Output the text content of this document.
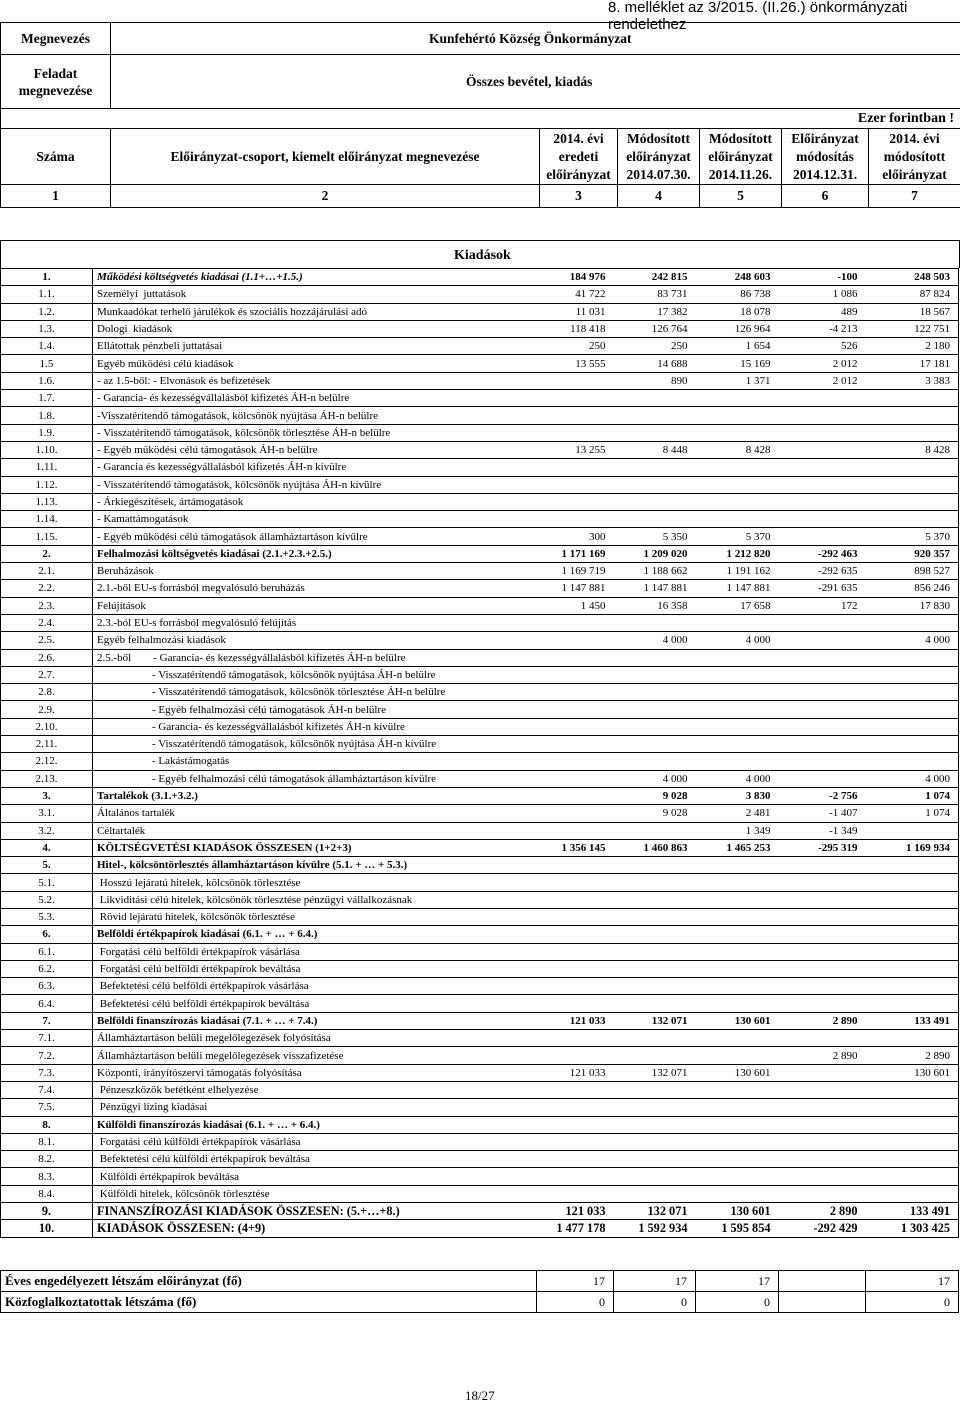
8. melléklet az 3/2015. (II.26.) önkormányzati rendelethez
Megnevezés	Kunfehértó Község Önkormányzat					
Feladat megnevezése	Összes bevétel, kiadás					
Ezer forintban !						
Száma	Előirányzat-csoport, kiemelt előirányzat megnevezése	2014. évi eredeti előirányzat	Módosított előirányzat 2014.07.30.	Módosított előirányzat 2014.11.26.	Előirányzat módosítás 2014.12.31.	2014. évi módosított előirányzat
1	2	3	4	5	6	7
Kiadások
1.	Működési költségvetés kiadásai (1.1+…+1.5.)	184 976	242 815	248 603	-100	248 503
1.1.	Személyi  juttatások	41 722	83 731	86 738	1 086	87 824
1.2.	Munkaadókat terhelő járulékok és szociális hozzájárulási adó	11 031	17 382	18 078	489	18 567
1.3.	Dologi  kiadások	118 418	126 764	126 964	-4 213	122 751
1.4.	Ellátottak pénzbeli juttatásai	250	250	1 654	526	2 180
1.5	Egyéb működési célú kiadások	13 555	14 688	15 169	2 012	17 181
1.6.	- az 1.5-ből: - Elvonások és befizetések		890	1 371	2 012	3 383
1.7.	- Garancia- és kezességvállalásból kifizetés ÁH-n belülre					
1.8.	-Visszatérítendő támogatások, kölcsönök nyújtása ÁH-n belülre					
1.9.	- Visszatérítendő támogatások, kölcsönök törlesztése ÁH-n belülre					
1.10.	- Egyéb működési célú támogatások ÁH-n belülre	13 255	8 448	8 428		8 428
1.11.	- Garancia és kezességvállalásból kifizetés ÁH-n kívülre					
1.12.	- Visszatérítendő támogatások, kölcsönök nyújtása ÁH-n kívülre					
1.13.	- Árkiegészítések, ártámogatások					
1.14.	- Kamattámogatások					
1.15.	- Egyéb működési célú támogatások államháztartáson kívülre	300	5 350	5 370		5 370
2.	Felhalmozási költségvetés kiadásai (2.1.+2.3.+2.5.)	1 171 169	1 209 020	1 212 820	-292 463	920 357
2.1.	Beruházások	1 169 719	1 188 662	1 191 162	-292 635	898 527
2.2.	2.1.-ből EU-s forrásból megvalósuló beruházás	1 147 881	1 147 881	1 147 881	-291 635	856 246
2.3.	Felújítások	1 450	16 358	17 658	172	17 830
2.4.	2.3.-ból EU-s forrásból megvalósuló felújítás					
2.5.	Egyéb felhalmozási kiadások		4 000	4 000		4 000
2.6.	2.5.-ből        - Garancia- és kezességvállalásból kifizetés ÁH-n belülre					
2.7.	- Visszatérítendő támogatások, kölcsönök nyújtása ÁH-n belülre					
2.8.	- Visszatérítendő támogatások, kölcsönök törlesztése ÁH-n belülre					
2.9.	- Egyéb felhalmozási célú támogatások ÁH-n belülre					
2.10.	- Garancia- és kezességvállalásból kifizetés ÁH-n kívülre					
2.11.	- Visszatérítendő támogatások, kölcsönök nyújtása ÁH-n kívülre					
2.12.	- Lakástámogatás					
2.13.	- Egyéb felhalmozási célú támogatások államháztartáson kívülre		4 000	4 000		4 000
3.	Tartalékok (3.1.+3.2.)		9 028	3 830	-2 756	1 074
3.1.	Általános tartalék		9 028	2 481	-1 407	1 074
3.2.	Céltartalék			1 349	-1 349	
4.	KÖLTSÉGVETÉSI KIADÁSOK ÖSSZESEN (1+2+3)	1 356 145	1 460 863	1 465 253	-295 319	1 169 934
5.	Hitel-, kölcsöntörlesztés államháztartáson kívülre (5.1. + … + 5.3.)					
5.1.	Hosszú lejáratú hitelek, kölcsönök törlesztése					
5.2.	Likviditási célú hitelek, kölcsönök törlesztése pénzügyi vállalkozásnak					
5.3.	Rövid lejáratú hitelek, kölcsönök törlesztése					
6.	Belföldi értékpapírok kiadásai (6.1. + … + 6.4.)					
6.1.	Forgatási célú belföldi értékpapírok vásárlása					
6.2.	Forgatási célú belföldi értékpapírok beváltása					
6.3.	Befektetési célú belföldi értékpapírok vásárlása					
6.4.	Befektetési célú belföldi értékpapírok beváltása					
7.	Belföldi finanszírozás kiadásai (7.1. + … + 7.4.)	121 033	132 071	130 601	2 890	133 491
7.1.	Államháztartáson belüli megelőlegezések folyósítása					
7.2.	Államháztartáson belüli megelőlegezések visszafizetése				2 890	2 890
7.3.	Központi, irányítószervi támogatás folyósítása	121 033	132 071	130 601		130 601
7.4.	Pénzeszközök betétként elhelyezése					
7.5.	Pénzügyi lízing kiadásai					
8.	Külföldi finanszírozás kiadásai (6.1. + … + 6.4.)					
8.1.	Forgatási célú külföldi értékpapírok vásárlása					
8.2.	Befektetési célú külföldi értékpapírok beváltása					
8.3.	Külföldi értékpapírok beváltása					
8.4.	Külföldi hitelek, kölcsönök törlesztése					
9.	FINANSZÍROZÁSI KIADÁSOK ÖSSZESEN: (5.+…+8.)	121 033	132 071	130 601	2 890	133 491
10.	KIADÁSOK ÖSSZESEN: (4+9)	1 477 178	1 592 934	1 595 854	-292 429	1 303 425
Éves engedélyezett létszám előirányzat (fő)	17	17	17		17
Közfoglalkoztatottak létszáma (fő)	0	0	0		0
18/27
